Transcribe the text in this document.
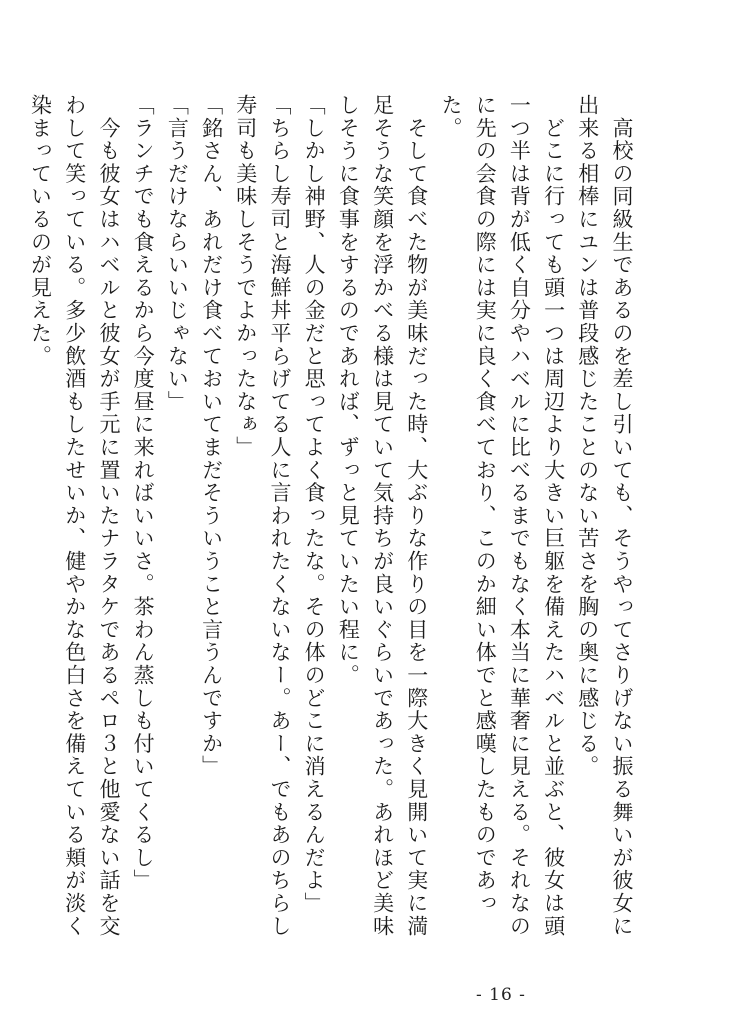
　高校の同級生であるのを差し引いても、そうやってさりげない振る舞いが彼女に出来る相棒にユンは普段感じたことのない苦さを胸の奥に感じる。

　どこに行っても頭一つは周辺より大きい巨躯を備えたハベルと並ぶと、彼女は頭一つ半は背が低く自分やハベルに比べるまでもなく本当に華奢に見える。それなのに先の会食の際には実に良く食べており、このか細い体でと感嘆したものであった。

　そして食べた物が美味だった時、大ぶりな作りの目を一際大きく見開いて実に満足そうな笑顔を浮かべる様は見ていて気持ちが良いぐらいであった。あれほど美味しそうに食事をするのであれば、ずっと見ていたい程に。

「しかし神野、人の金だと思ってよく食ったな。その体のどこに消えるんだよ」

「ちらし寿司と海鮮丼平らげてる人に言われたくないなー。あー、でもあのちらし寿司も美味しそうでよかったなぁ」

「銘さん、あれだけ食べておいてまだそういうこと言うんですか」

「言うだけならいいじゃない」

「ランチでも食えるから今度昼に来ればいいさ。茶わん蒸しも付いてくるし」

　今も彼女はハベルと彼女が手元に置いたナラタケであるペロ３と他愛ない話を交わして笑っている。多少飲酒もしたせいか、健やかな色白さを備えている頬が淡く染まっているのが見えた。

- 16 -
